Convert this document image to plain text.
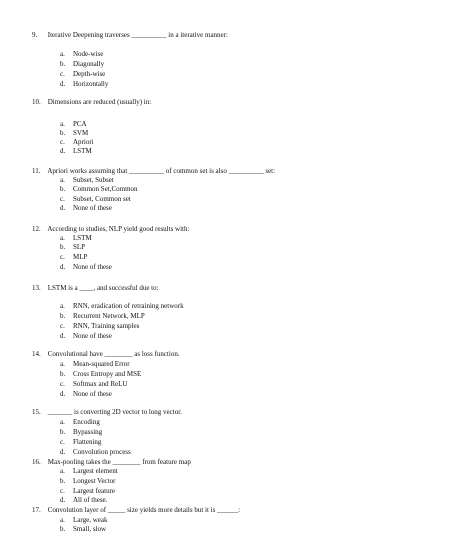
9. Iterative Deepening traverses __________ in a iterative manner:
a. Node-wise
b. Diagonally
c. Depth-wise
d. Horizontally
10. Dimensions are reduced (usually) in:
a. PCA
b. SVM
c. Apriori
d. LSTM
11. Apriori works assuming that __________ of common set is also __________ set:
a. Subset, Subset
b. Common Set,Common
c. Subset, Common set
d. None of these
12. According to studies, NLP yield good results with:
a. LSTM
b. SLP
c. MLP
d. None of these
13. LSTM is a ____, and successful due to:
a. RNN, eradication of retraining network
b. Recurrent Network, MLP
c. RNN, Training samples
d. None of these
14. Convolutional have ________ as loss function.
a. Mean-squared Error
b. Cross Entropy and MSE
c. Softmax and ReLU
d. None of these
15. _______ is converting 2D vector to long vector.
a. Encoding
b. Bypassing
c. Flattening
d. Convolution process
16. Max-pooling takes the ________ from feature map
a. Largest element
b. Longest Vector
c. Largest feature
d. All of these.
17. Convolution layer of _____ size yields more details but it is ______:
a. Large, weak
b. Small, slow
